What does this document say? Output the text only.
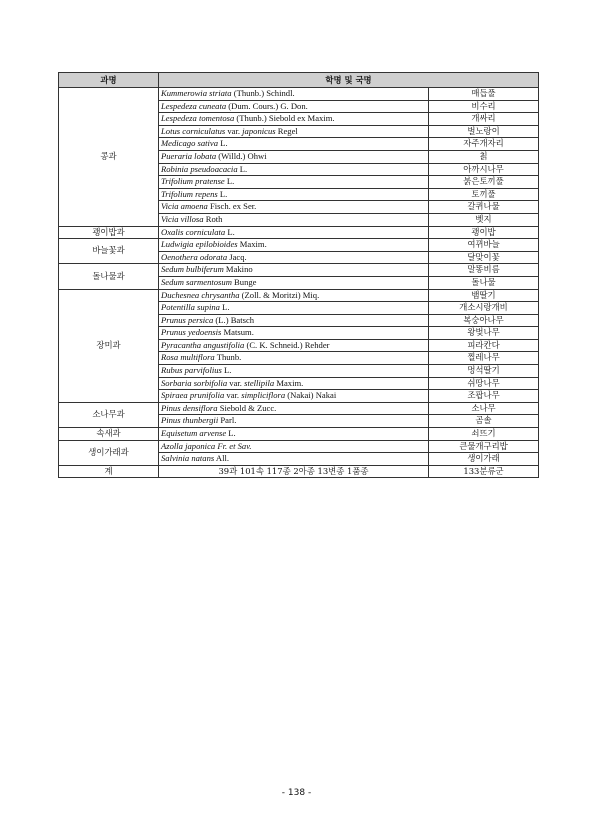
과명	학명 및 국명	
콩과	Kummerowia striata (Thunb.) Schindl.	매듭풀
	Lespedeza cuneata (Dum. Cours.) G. Don.	비수리
	Lespedeza tomentosa (Thunb.) Siebold ex Maxim.	개싸리
	Lotus corniculatus var. japonicus Regel	벌노랑이
	Medicago sativa L.	자주개자리
	Pueraria lobata (Willd.) Ohwi	칡
	Robinia pseudoacacia L.	아까시나무
	Trifolium pratense L.	붉은토끼풀
	Trifolium repens L.	토끼풀
	Vicia amoena Fisch. ex Ser.	갈퀴나물
	Vicia villosa Roth	벳지
괭이밥과	Oxalis corniculata L.	괭이밥
바늘꽃과	Ludwigia epilobioides Maxim.	여뀌바늘
	Oenothera odorata Jacq.	달맞이꽃
돌나물과	Sedum bulbiferum Makino	말똥비름
	Sedum sarmentosum Bunge	돌나물
장미과	Duchesnea chrysantha (Zoll. & Moritzi) Miq.	뱀딸기
	Potentilla supina L.	개소시랑개비
	Prunus persica (L.) Batsch	복숭아나무
	Prunus yedoensis Matsum.	왕벚나무
	Pyracantha angustifolia (C. K. Schneid.) Rehder	피라칸다
	Rosa multiflora Thunb.	찔레나무
	Rubus parvifolius L.	멍석딸기
	Sorbaria sorbifolia var. stellipila Maxim.	쉬땅나무
	Spiraea prunifolia var. simpliciflora (Nakai) Nakai	조팝나무
소나무과	Pinus densiflora Siebold & Zucc.	소나무
	Pinus thunbergii Parl.	곰솔
속새과	Equisetum arvense L.	쇠뜨기
생이가래과	Azolla japonica Fr. et Sav.	큰물개구리밥
	Salvinia natans All.	생이가래
계	39과 101속 117종 2아종 13변종 1품종	133분류군
- 138 -
